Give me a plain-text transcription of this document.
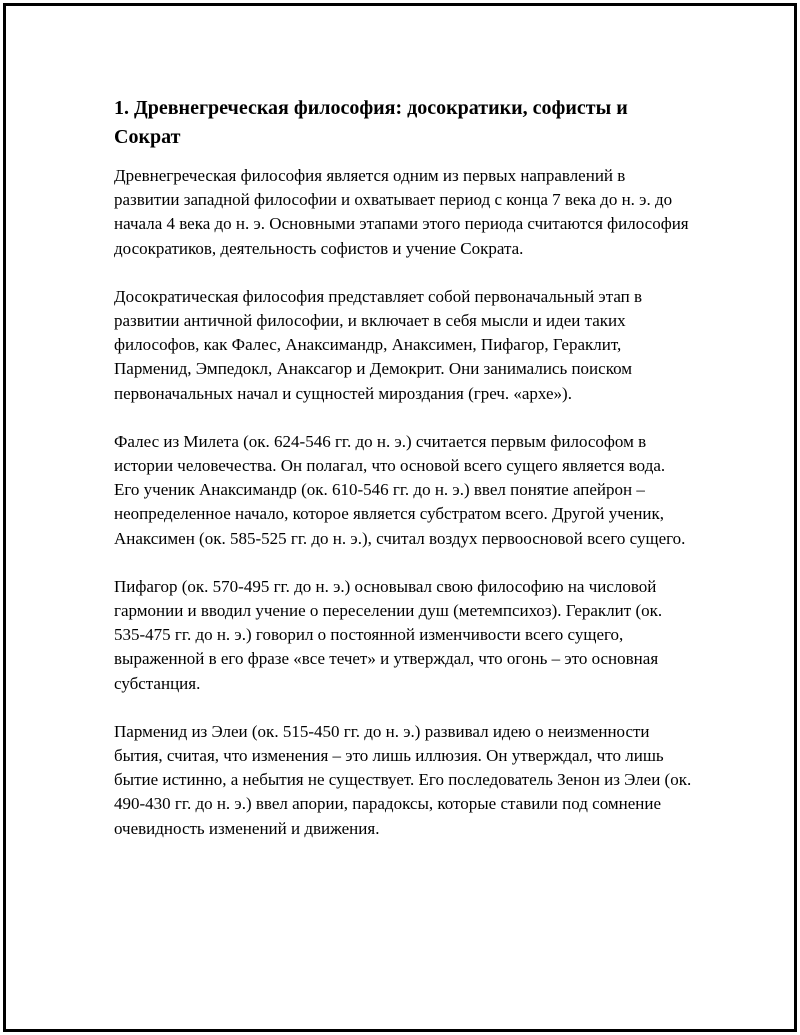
1. Древнегреческая философия: досократики, софисты и Сократ

Древнегреческая философия является одним из первых направлений в развитии западной философии и охватывает период с конца 7 века до н. э. до начала 4 века до н. э. Основными этапами этого периода считаются философия досократиков, деятельность софистов и учение Сократа.

Досократическая философия представляет собой первоначальный этап в развитии античной философии, и включает в себя мысли и идеи таких философов, как Фалес, Анаксимандр, Анаксимен, Пифагор, Гераклит, Парменид, Эмпедокл, Анаксагор и Демокрит. Они занимались поиском первоначальных начал и сущностей мироздания (греч. «архе»).

Фалес из Милета (ок. 624-546 гг. до н. э.) считается первым философом в истории человечества. Он полагал, что основой всего сущего является вода. Его ученик Анаксимандр (ок. 610-546 гг. до н. э.) ввел понятие апейрон – неопределенное начало, которое является субстратом всего. Другой ученик, Анаксимен (ок. 585-525 гг. до н. э.), считал воздух первоосновой всего сущего.

Пифагор (ок. 570-495 гг. до н. э.) основывал свою философию на числовой гармонии и вводил учение о переселении душ (метемпсихоз). Гераклит (ок. 535-475 гг. до н. э.) говорил о постоянной изменчивости всего сущего, выраженной в его фразе «все течет» и утверждал, что огонь – это основная субстанция.

Парменид из Элеи (ок. 515-450 гг. до н. э.) развивал идею о неизменности бытия, считая, что изменения – это лишь иллюзия. Он утверждал, что лишь бытие истинно, а небытия не существует. Его последователь Зенон из Элеи (ок. 490-430 гг. до н. э.) ввел апории, парадоксы, которые ставили под сомнение очевидность изменений и движения.
